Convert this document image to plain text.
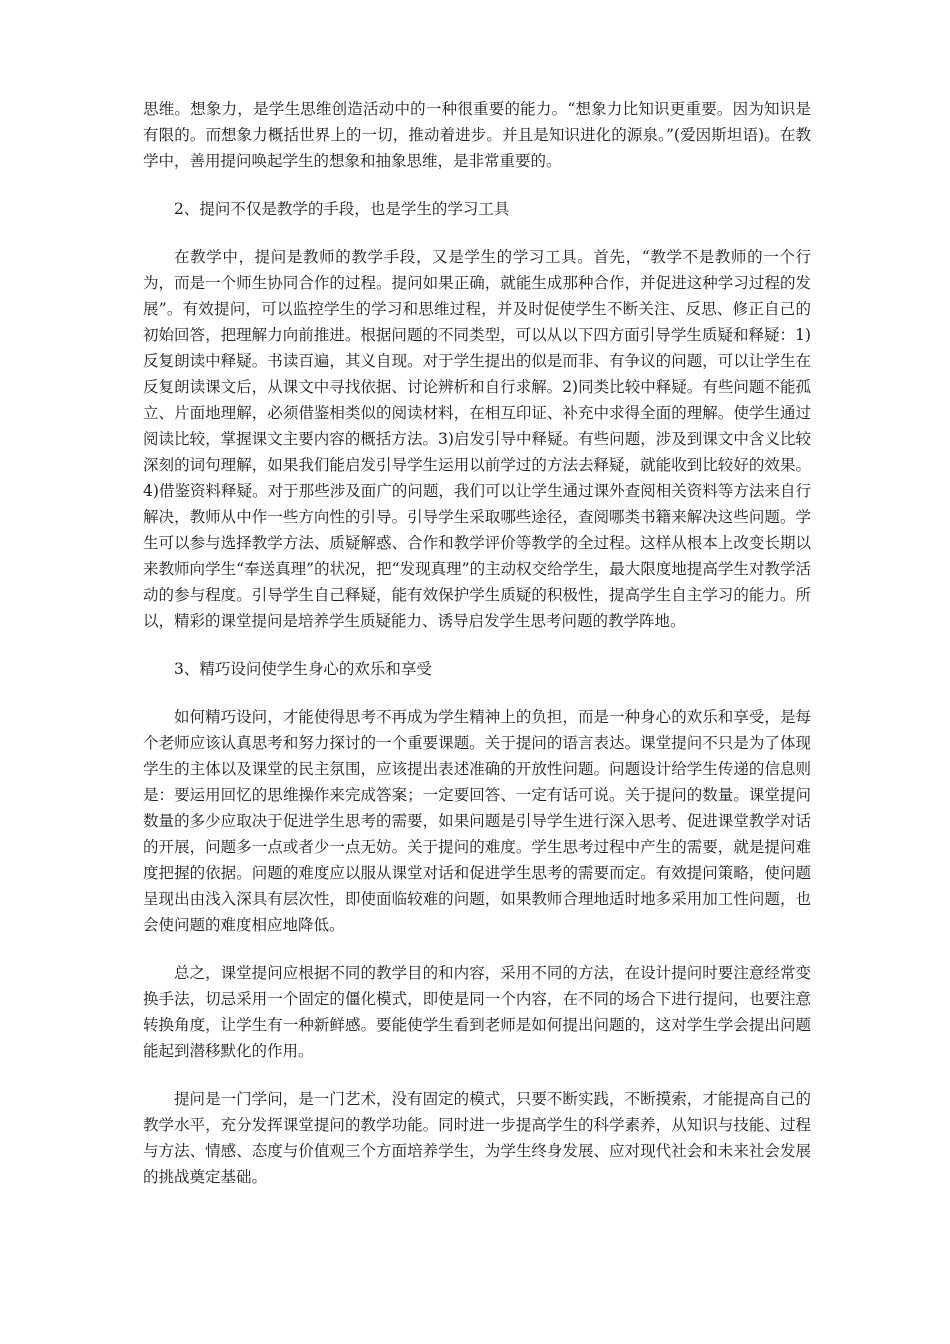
思维。想象力，是学生思维创造活动中的一种很重要的能力。“想象力比知识更重要。因为知识是有限的。而想象力概括世界上的一切，推动着进步。并且是知识进化的源泉。”(爱因斯坦语)。在教学中，善用提问唤起学生的想象和抽象思维，是非常重要的。

2、提问不仅是教学的手段，也是学生的学习工具

在教学中，提问是教师的教学手段，又是学生的学习工具。首先，“教学不是教师的一个行为，而是一个师生协同合作的过程。提问如果正确，就能生成那种合作，并促进这种学习过程的发展”。有效提问，可以监控学生的学习和思维过程，并及时促使学生不断关注、反思、修正自己的初始回答，把理解力向前推进。根据问题的不同类型，可以从以下四方面引导学生质疑和释疑：1)反复朗读中释疑。书读百遍，其义自现。对于学生提出的似是而非、有争议的问题，可以让学生在反复朗读课文后，从课文中寻找依据、讨论辨析和自行求解。2)同类比较中释疑。有些问题不能孤立、片面地理解，必须借鉴相类似的阅读材料，在相互印证、补充中求得全面的理解。使学生通过阅读比较，掌握课文主要内容的概括方法。3)启发引导中释疑。有些问题，涉及到课文中含义比较深刻的词句理解，如果我们能启发引导学生运用以前学过的方法去释疑，就能收到比较好的效果。4)借鉴资料释疑。对于那些涉及面广的问题，我们可以让学生通过课外查阅相关资料等方法来自行解决，教师从中作一些方向性的引导。引导学生采取哪些途径，查阅哪类书籍来解决这些问题。学生可以参与选择教学方法、质疑解惑、合作和教学评价等教学的全过程。这样从根本上改变长期以来教师向学生“奉送真理”的状况，把“发现真理”的主动权交给学生，最大限度地提高学生对教学活动的参与程度。引导学生自己释疑，能有效保护学生质疑的积极性，提高学生自主学习的能力。所以，精彩的课堂提问是培养学生质疑能力、诱导启发学生思考问题的教学阵地。

3、精巧设问使学生身心的欢乐和享受

如何精巧设问，才能使得思考不再成为学生精神上的负担，而是一种身心的欢乐和享受，是每个老师应该认真思考和努力探讨的一个重要课题。关于提问的语言表达。课堂提问不只是为了体现学生的主体以及课堂的民主氛围，应该提出表述准确的开放性问题。问题设计给学生传递的信息则是：要运用回忆的思维操作来完成答案；一定要回答、一定有话可说。关于提问的数量。课堂提问数量的多少应取决于促进学生思考的需要，如果问题是引导学生进行深入思考、促进课堂教学对话的开展，问题多一点或者少一点无妨。关于提问的难度。学生思考过程中产生的需要，就是提问难度把握的依据。问题的难度应以服从课堂对话和促进学生思考的需要而定。有效提问策略，使问题呈现出由浅入深具有层次性，即使面临较难的问题，如果教师合理地适时地多采用加工性问题，也会使问题的难度相应地降低。

总之，课堂提问应根据不同的教学目的和内容，采用不同的方法，在设计提问时要注意经常变换手法，切忌采用一个固定的僵化模式，即使是同一个内容，在不同的场合下进行提问，也要注意转换角度，让学生有一种新鲜感。要能使学生看到老师是如何提出问题的，这对学生学会提出问题能起到潜移默化的作用。

提问是一门学问，是一门艺术，没有固定的模式，只要不断实践，不断摸索，才能提高自己的教学水平，充分发挥课堂提问的教学功能。同时进一步提高学生的科学素养，从知识与技能、过程与方法、情感、态度与价值观三个方面培养学生，为学生终身发展、应对现代社会和未来社会发展的挑战奠定基础。
